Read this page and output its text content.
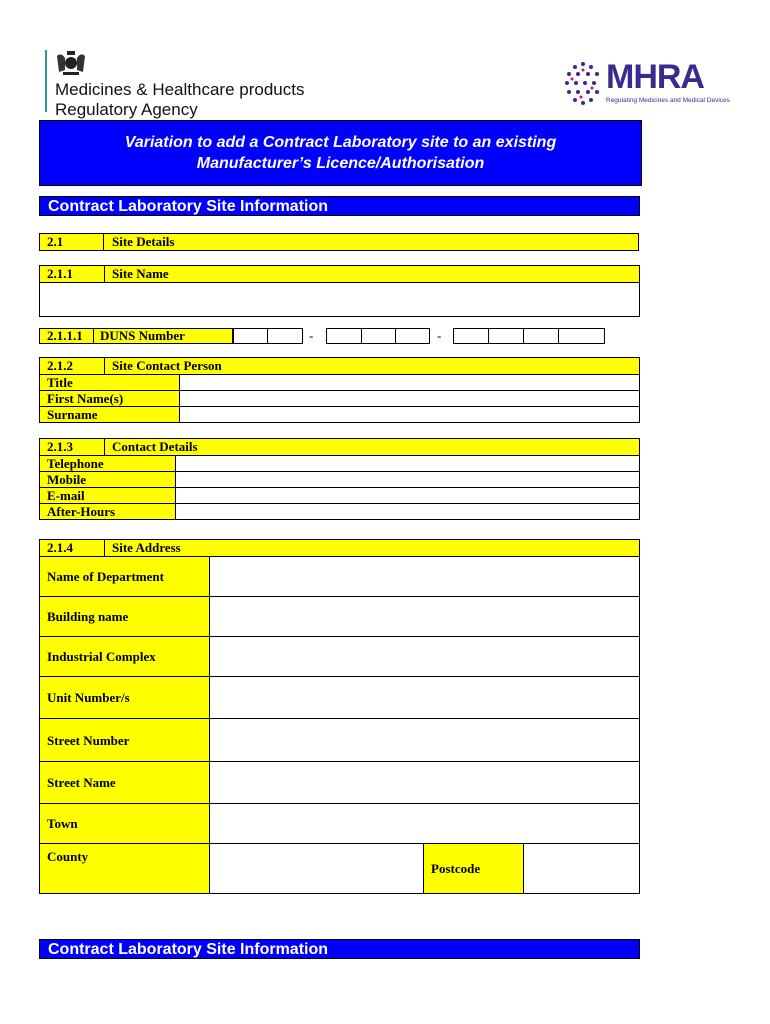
Medicines & Healthcare products
Regulatory Agency
MHRA
Regulating Medicines and Medical Devices
Variation to add a Contract Laboratory site to an existing
Manufacturer’s Licence/Authorisation
Contract Laboratory Site Information
2.1	Site Details
2.1.1	Site Name
2.1.1.1 DUNS Number	-	-
2.1.2	Site Contact Person
Title	
First Name(s)	
Surname	
2.1.3	Contact Details
Telephone	
Mobile	
E-mail	
After-Hours	
2.1.4	Site Address
Name of Department			
Building name			
Industrial Complex			
Unit Number/s			
Street Number			
Street Name			
Town			
County		Postcode	
Contract Laboratory Site Information
